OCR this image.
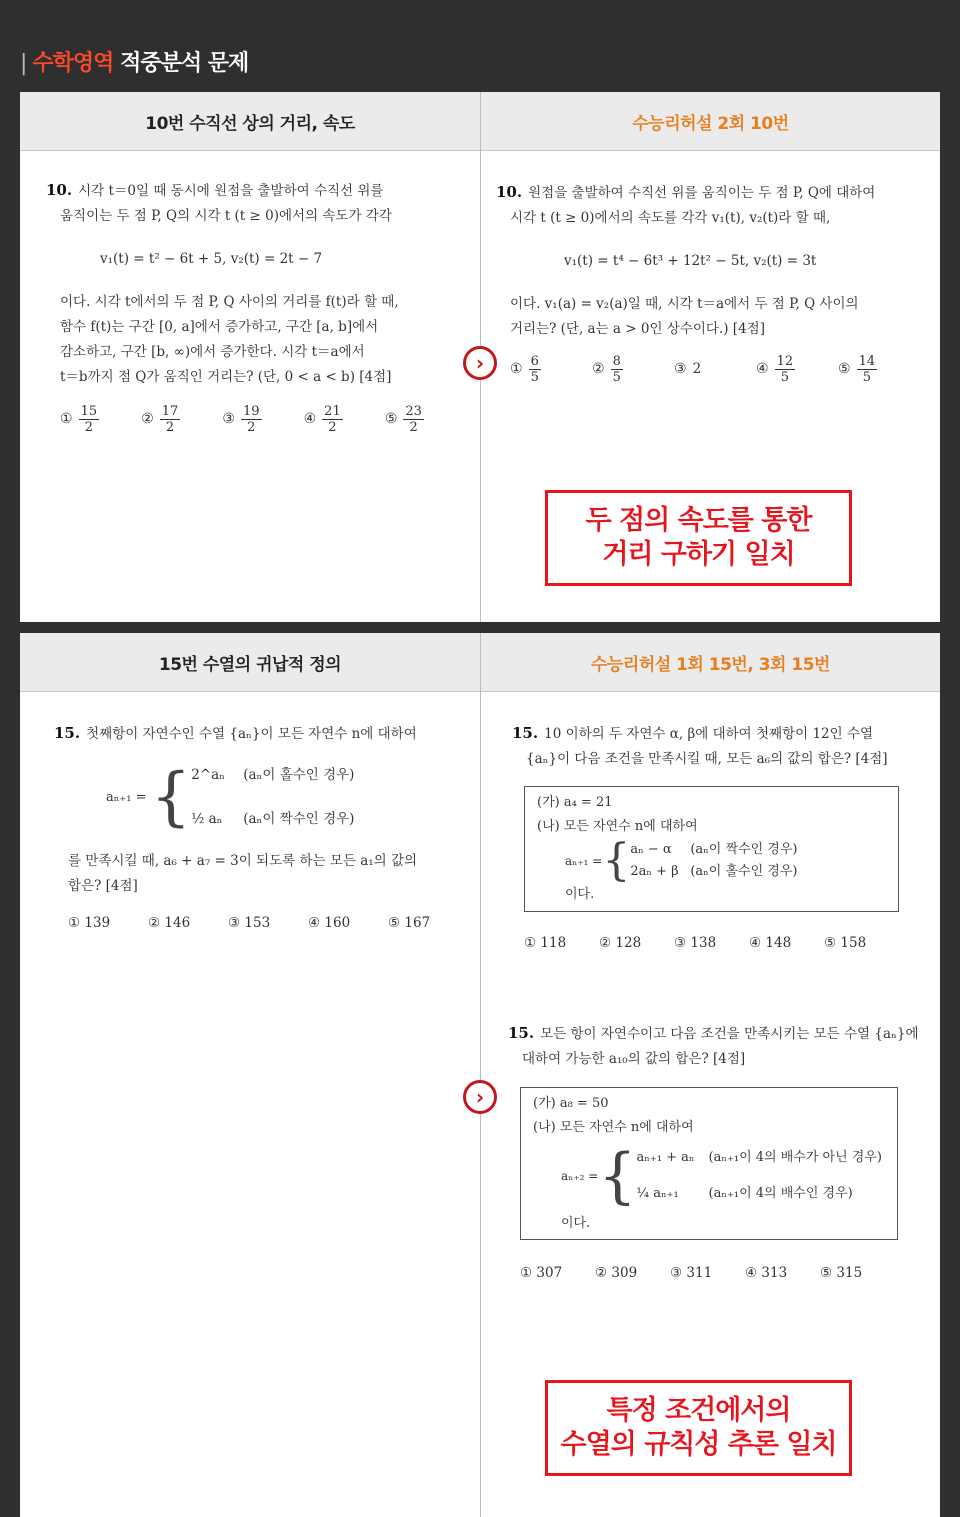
| 수학영역 적중분석 문제
10번 수직선 상의 거리, 속도	수능리허설 2회 10번
10. 시각 t＝0일 때 동시에 원점을 출발하여 수직선 위를
움직이는 두 점 P, Q의 시각 t (t ≥ 0)에서의 속도가 각각
v₁(t) = t² − 6t + 5, v₂(t) = 2t − 7
이다. 시각 t에서의 두 점 P, Q 사이의 거리를 f(t)라 할 때,
함수 f(t)는 구간 [0, a]에서 증가하고, 구간 [a, b]에서
감소하고, 구간 [b, ∞)에서 증가한다. 시각 t＝a에서
t＝b까지 점 Q가 움직인 거리는? (단, 0 < a < b) [4점]
① $\frac{15}{2}$	② $\frac{17}{2}$	③ $\frac{19}{2}$	④ $\frac{21}{2}$	⑤ $\frac{23}{2}$
›
10. 원점을 출발하여 수직선 위를 움직이는 두 점 P, Q에 대하여
시각 t (t ≥ 0)에서의 속도를 각각 v₁(t), v₂(t)라 할 때,
v₁(t) = t⁴ − 6t³ + 12t² − 5t, v₂(t) = 3t
이다. v₁(a) = v₂(a)일 때, 시각 t＝a에서 두 점 P, Q 사이의
거리는? (단, a는 a > 0인 상수이다.) [4점]
① $\frac{6}{5}$	② $\frac{8}{5}$	③ 2	④ $\frac{12}{5}$	⑤ $\frac{14}{5}$
두 점의 속도를 통한
거리 구하기 일치
15번 수열의 귀납적 정의	수능리허설 1회 15번, 3회 15번
15. 첫째항이 자연수인 수열 {aₙ}이 모든 자연수 n에 대하여
aₙ₊₁ = { 2^aₙ (aₙ이 홀수인 경우)
½ aₙ (aₙ이 짝수인 경우)
를 만족시킬 때, a₆ + a₇ = 3이 되도록 하는 모든 a₁의 값의
합은? [4점]
① 139	② 146	③ 153	④ 160	⑤ 167
15. 10 이하의 두 자연수 α, β에 대하여 첫째항이 12인 수열
{aₙ}이 다음 조건을 만족시킬 때, 모든 a₆의 값의 합은? [4점]
(가) a₄ = 21
(나) 모든 자연수 n에 대하여
aₙ₊₁ = { aₙ − α (aₙ이 짝수인 경우)
2aₙ + β (aₙ이 홀수인 경우)
이다.
① 118	② 128	③ 138	④ 148	⑤ 158
›
15. 모든 항이 자연수이고 다음 조건을 만족시키는 모든 수열 {aₙ}에
대하여 가능한 a₁₀의 값의 합은? [4점]
(가) a₈ = 50
(나) 모든 자연수 n에 대하여
aₙ₊₂ = { aₙ₊₁ + aₙ (aₙ₊₁이 4의 배수가 아닌 경우)
¼ aₙ₊₁ (aₙ₊₁이 4의 배수인 경우)
이다.
① 307	② 309	③ 311	④ 313	⑤ 315
특정 조건에서의
수열의 규칙성 추론 일치
